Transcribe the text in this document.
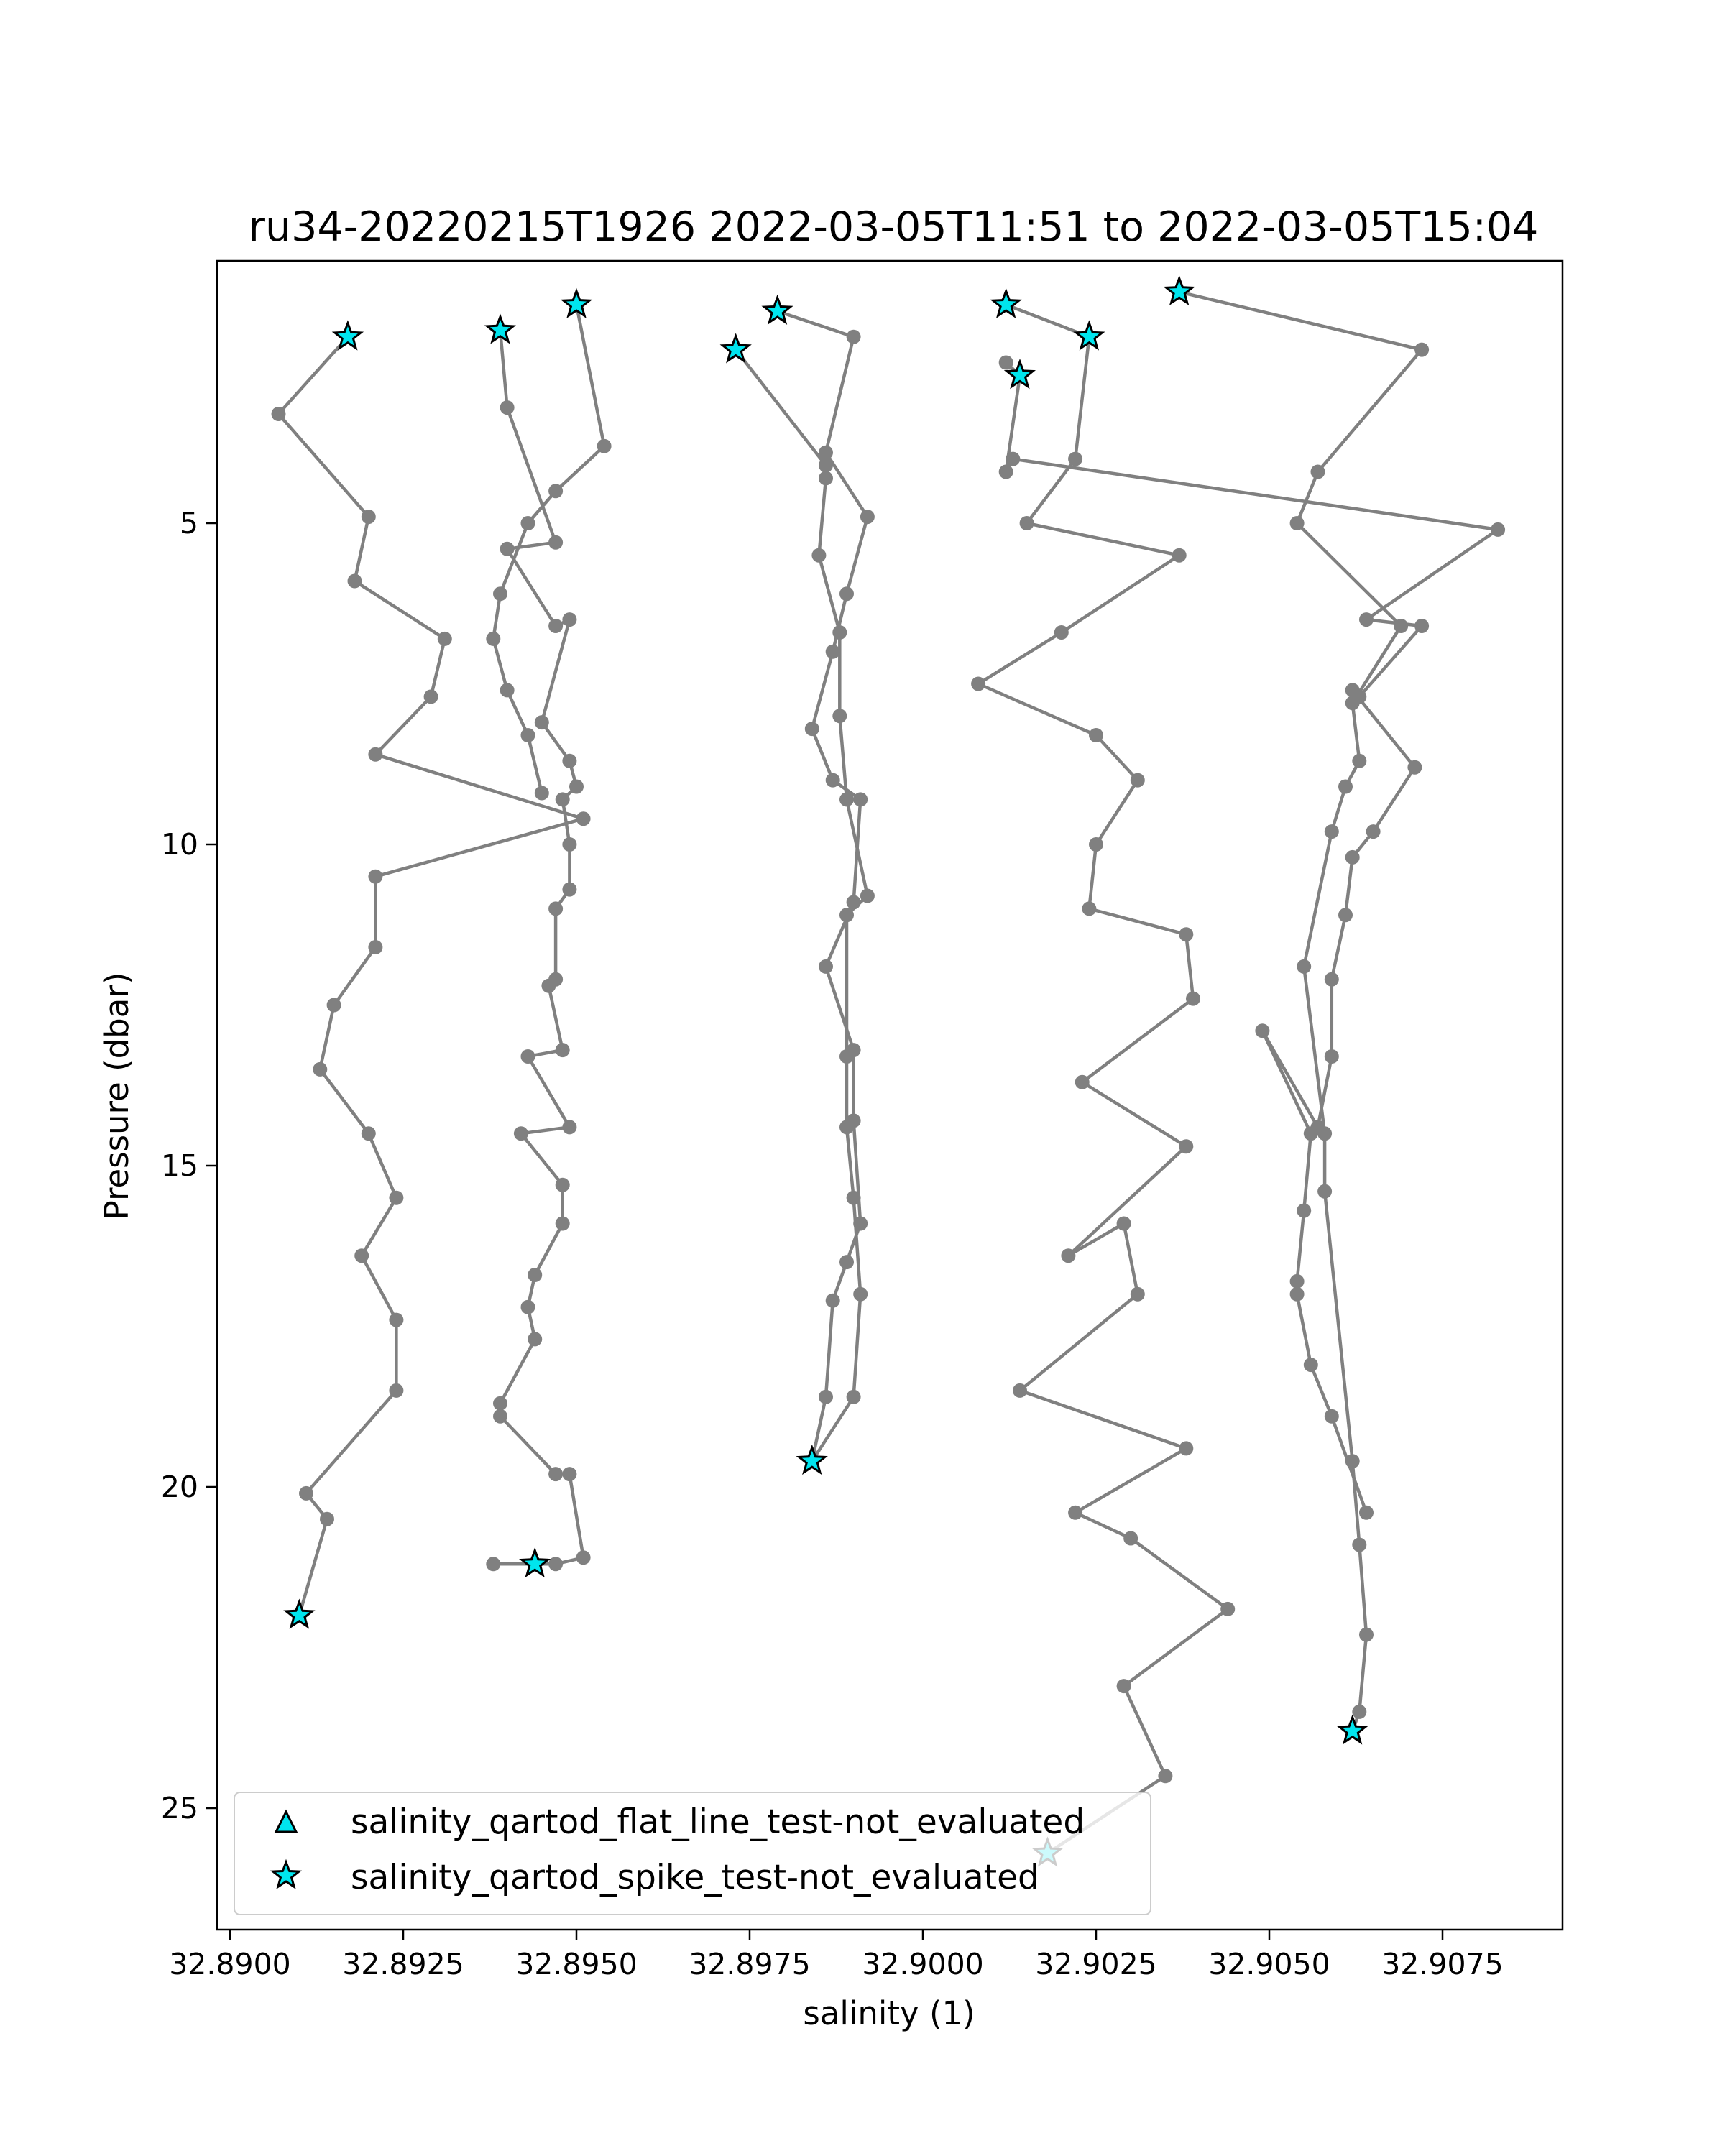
ru34-20220215T1926 2022-03-05T11:51 to 2022-03-05T15:04
32.8900 32.8925 32.8950 32.8975 32.9000 32.9025 32.9050 32.9075
5
10
15
20
25
salinity (1)
Pressure (dbar)
salinity_qartod_flat_line_test-not_evaluated
salinity_qartod_spike_test-not_evaluated
